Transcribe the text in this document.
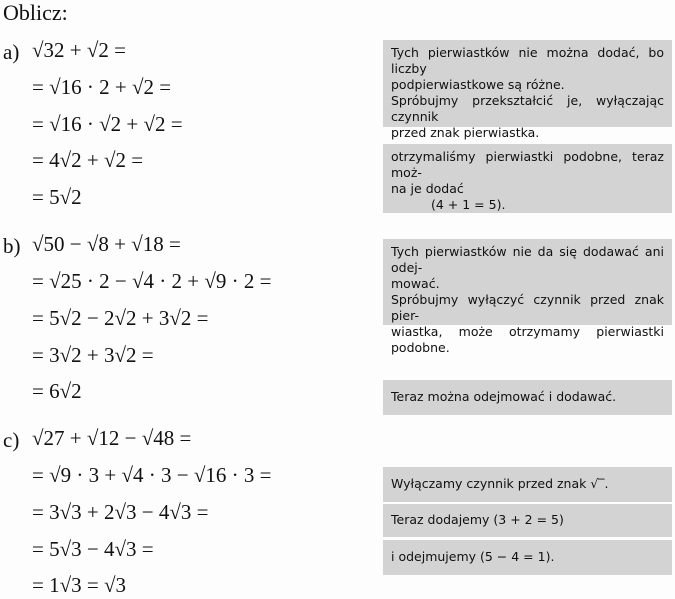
Oblicz:
a) √32 + √2 =
= √16 · 2 + √2 =
= √16 · √2 + √2 =
= 4√2 + √2 =
= 5√2
Tych pierwiastków nie można dodać, bo liczby
podpierwiastkowe są różne.
Spróbujmy przekształcić je, wyłączając czynnik
przed znak pierwiastka.
otrzymaliśmy pierwiastki podobne, teraz moż-
na je dodać
(4 + 1 = 5).
b) √50 − √8 + √18 =
= √25 · 2 − √4 · 2 + √9 · 2 =
= 5√2 − 2√2 + 3√2 =
= 3√2 + 3√2 =
= 6√2
Tych pierwiastków nie da się dodawać ani odej-
mować.
Spróbujmy wyłączyć czynnik przed znak pier-
wiastka, może otrzymamy pierwiastki podobne.
Teraz można odejmować i dodawać.
c) √27 + √12 − √48 =
= √9 · 3 + √4 · 3 − √16 · 3 =
= 3√3 + 2√3 − 4√3 =
= 5√3 − 4√3 =
= 1√3 = √3
Wyłączamy czynnik przed znak √‾.
Teraz dodajemy (3 + 2 = 5)
i odejmujemy (5 − 4 = 1).
